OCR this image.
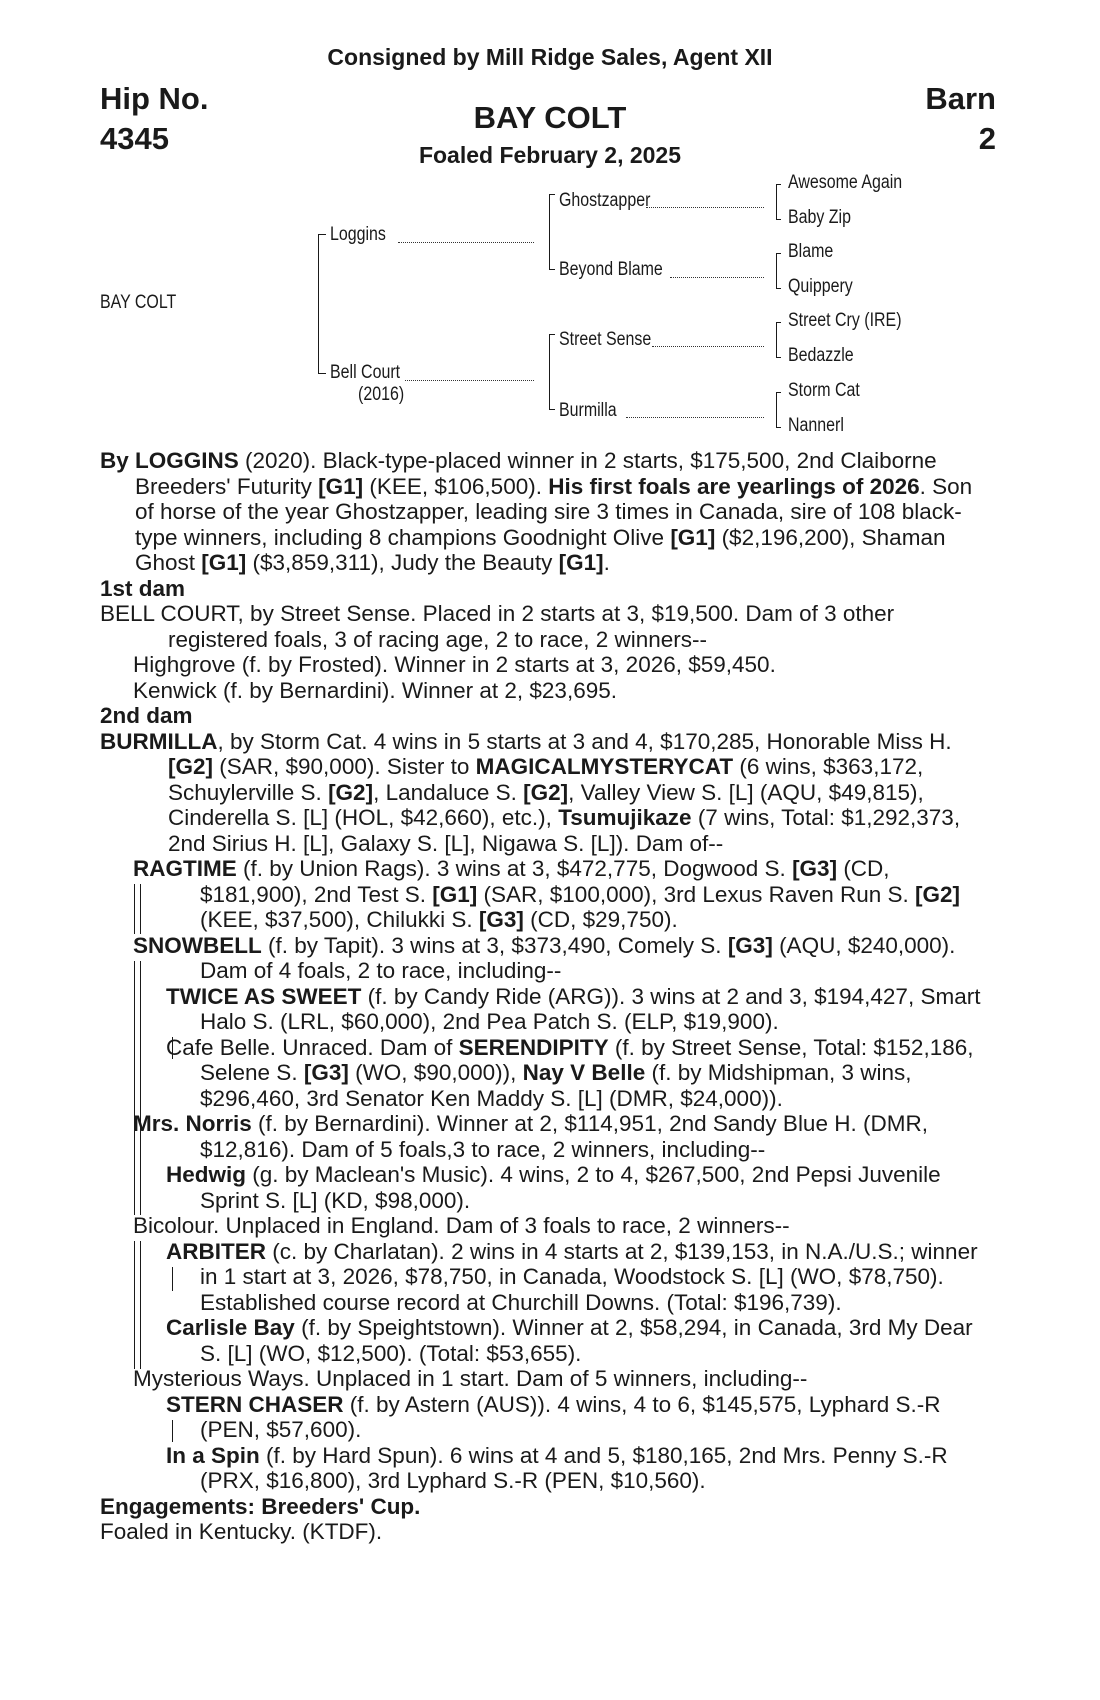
Consigned by Mill Ridge Sales, Agent XII
Hip No.
4345
Barn
2
BAY COLT
Foaled February 2, 2025
BAY COLT
Loggins
Bell Court
(2016)
Ghostzapper
Beyond Blame
Street Sense
Burmilla
Awesome Again
Baby Zip
Blame
Quippery
Street Cry (IRE)
Bedazzle
Storm Cat
Nannerl
By LOGGINS (2020). Black-type-placed winner in 2 starts, $175,500, 2nd Claiborne Breeders' Futurity [G1] (KEE, $106,500). His first foals are yearlings of 2026. Son of horse of the year Ghostzapper, leading sire 3 times in Canada, sire of 108 black-type winners, including 8 champions Goodnight Olive [G1] ($2,196,200), Shaman Ghost [G1] ($3,859,311), Judy the Beauty [G1].
1st dam
BELL COURT, by Street Sense. Placed in 2 starts at 3, $19,500. Dam of 3 other registered foals, 3 of racing age, 2 to race, 2 winners--
Highgrove (f. by Frosted). Winner in 2 starts at 3, 2026, $59,450.
Kenwick (f. by Bernardini). Winner at 2, $23,695.
2nd dam
BURMILLA, by Storm Cat. 4 wins in 5 starts at 3 and 4, $170,285, Honorable Miss H. [G2] (SAR, $90,000). Sister to MAGICALMYSTERYCAT (6 wins, $363,172, Schuylerville S. [G2], Landaluce S. [G2], Valley View S. [L] (AQU, $49,815), Cinderella S. [L] (HOL, $42,660), etc.), Tsumujikaze (7 wins, Total: $1,292,373, 2nd Sirius H. [L], Galaxy S. [L], Nigawa S. [L]). Dam of--
RAGTIME (f. by Union Rags). 3 wins at 3, $472,775, Dogwood S. [G3] (CD, $181,900), 2nd Test S. [G1] (SAR, $100,000), 3rd Lexus Raven Run S. [G2] (KEE, $37,500), Chilukki S. [G3] (CD, $29,750).
SNOWBELL (f. by Tapit). 3 wins at 3, $373,490, Comely S. [G3] (AQU, $240,000). Dam of 4 foals, 2 to race, including--
TWICE AS SWEET (f. by Candy Ride (ARG)). 3 wins at 2 and 3, $194,427, Smart Halo S. (LRL, $60,000), 2nd Pea Patch S. (ELP, $19,900).
Cafe Belle. Unraced. Dam of SERENDIPITY (f. by Street Sense, Total: $152,186, Selene S. [G3] (WO, $90,000)), Nay V Belle (f. by Midshipman, 3 wins, $296,460, 3rd Senator Ken Maddy S. [L] (DMR, $24,000)).
Mrs. Norris (f. by Bernardini). Winner at 2, $114,951, 2nd Sandy Blue H. (DMR, $12,816). Dam of 5 foals,3 to race, 2 winners, including--
Hedwig (g. by Maclean's Music). 4 wins, 2 to 4, $267,500, 2nd Pepsi Juvenile Sprint S. [L] (KD, $98,000).
Bicolour. Unplaced in England. Dam of 3 foals to race, 2 winners--
ARBITER (c. by Charlatan). 2 wins in 4 starts at 2, $139,153, in N.A./U.S.; winner in 1 start at 3, 2026, $78,750, in Canada, Woodstock S. [L] (WO, $78,750). Established course record at Churchill Downs. (Total: $196,739).
Carlisle Bay (f. by Speightstown). Winner at 2, $58,294, in Canada, 3rd My Dear S. [L] (WO, $12,500). (Total: $53,655).
Mysterious Ways. Unplaced in 1 start. Dam of 5 winners, including--
STERN CHASER (f. by Astern (AUS)). 4 wins, 4 to 6, $145,575, Lyphard S.-R (PEN, $57,600).
In a Spin (f. by Hard Spun). 6 wins at 4 and 5, $180,165, 2nd Mrs. Penny S.-R (PRX, $16,800), 3rd Lyphard S.-R (PEN, $10,560).
Engagements: Breeders' Cup.
Foaled in Kentucky. (KTDF).
